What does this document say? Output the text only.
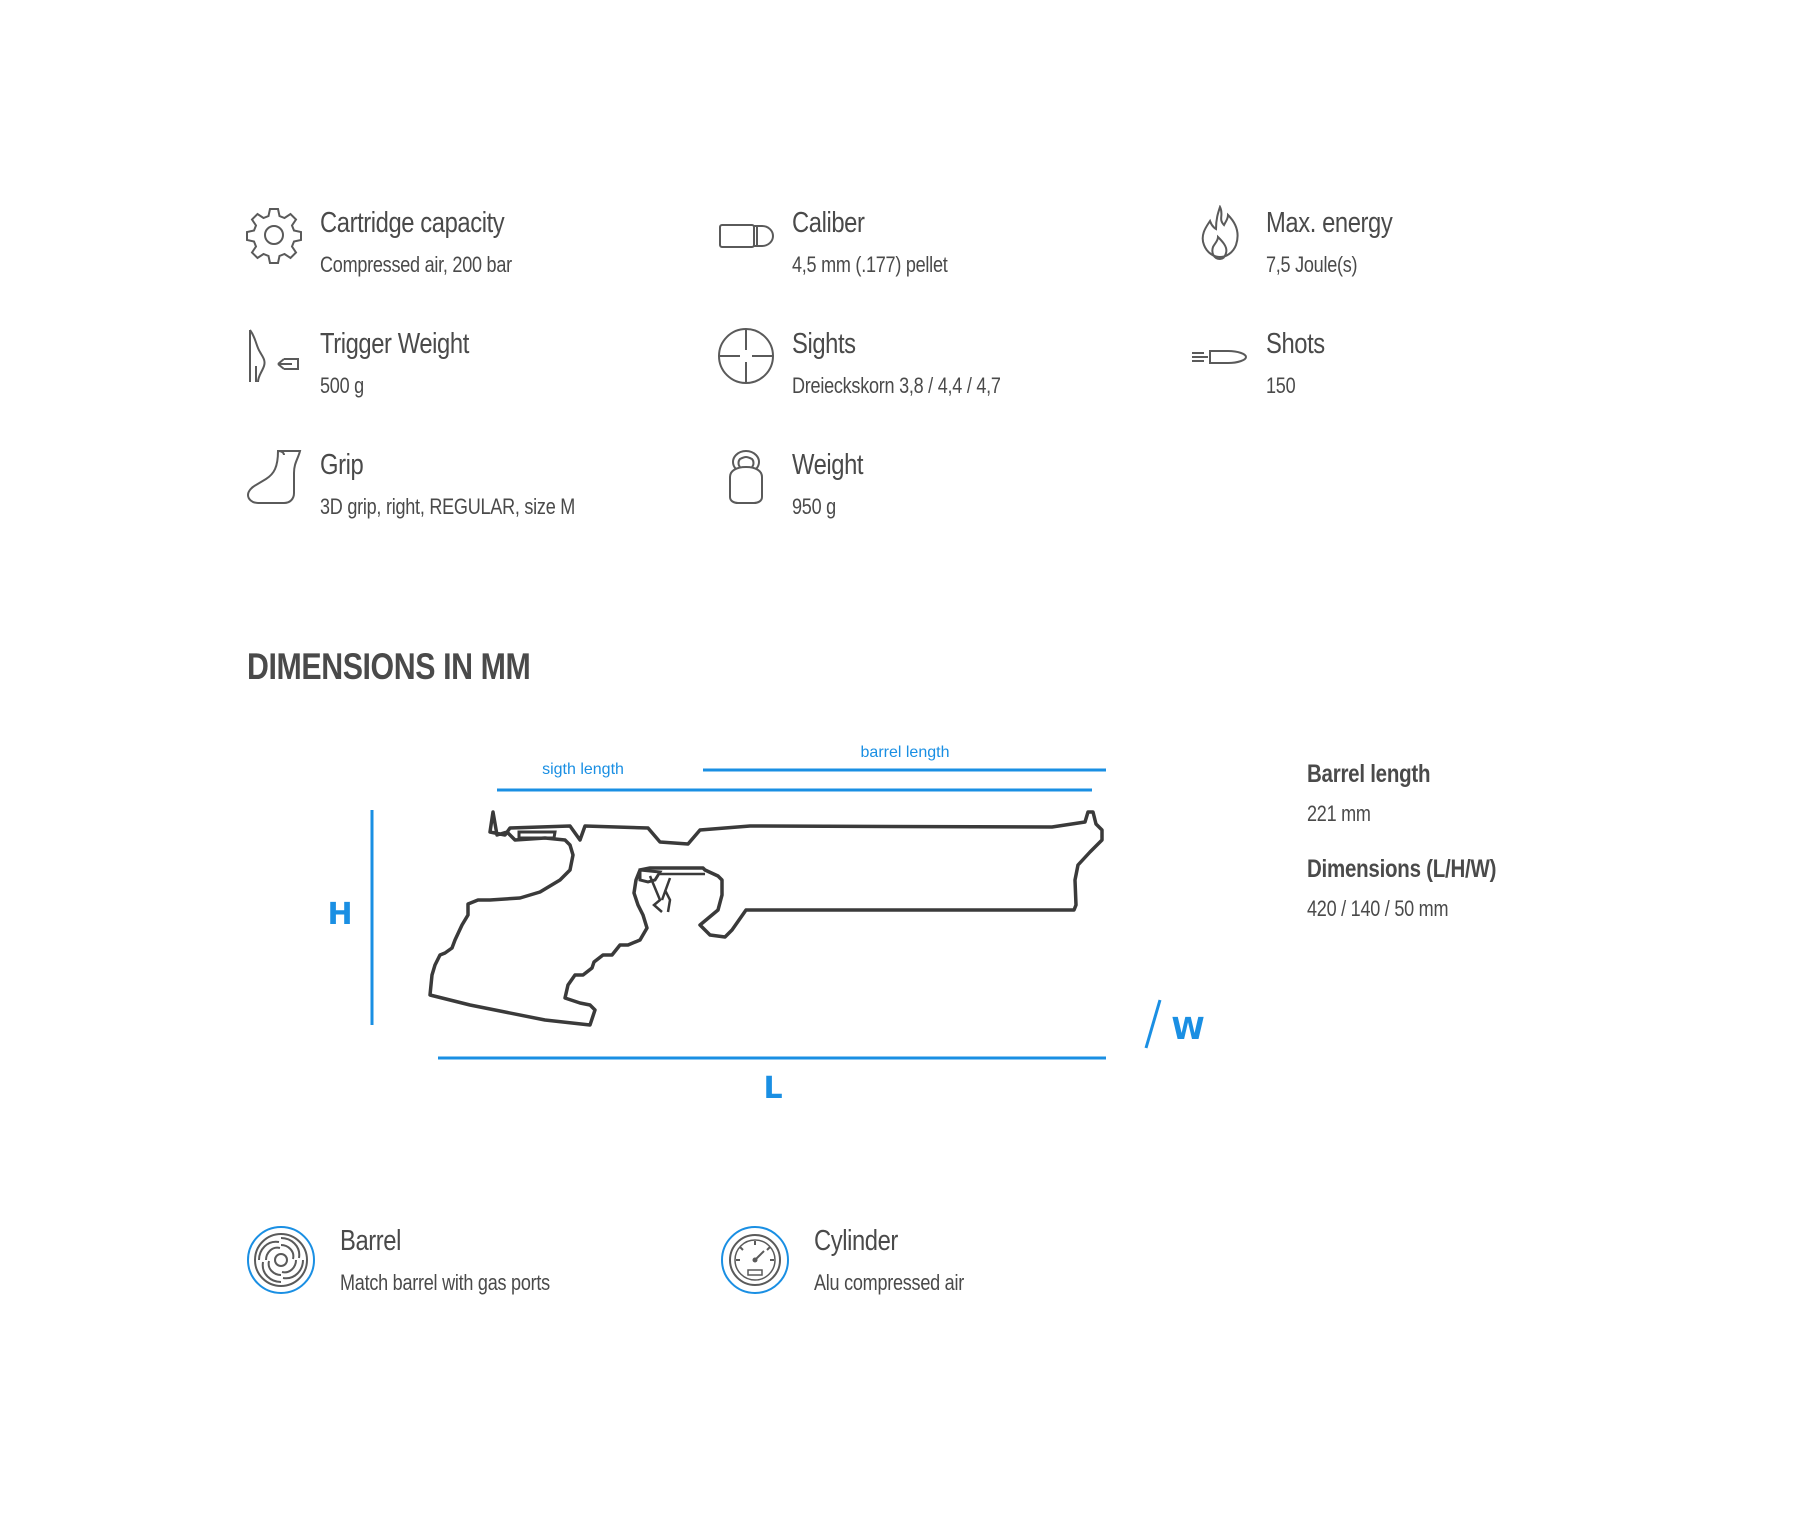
Cartridge capacity
Compressed air, 200 bar
Caliber
4,5 mm (.177) pellet
Max. energy
7,5 Joule(s)
Trigger Weight
500 g
Sights
Dreieckskorn 3,8 / 4,4 / 4,7
Shots
150
Grip
3D grip, right, REGULAR, size M
Weight
950 g
DIMENSIONS IN MM
sigth length
barrel length
H
L
W
Barrel length
221 mm
Dimensions (L/H/W)
420 / 140 / 50 mm
Barrel
Match barrel with gas ports
Cylinder
Alu compressed air
